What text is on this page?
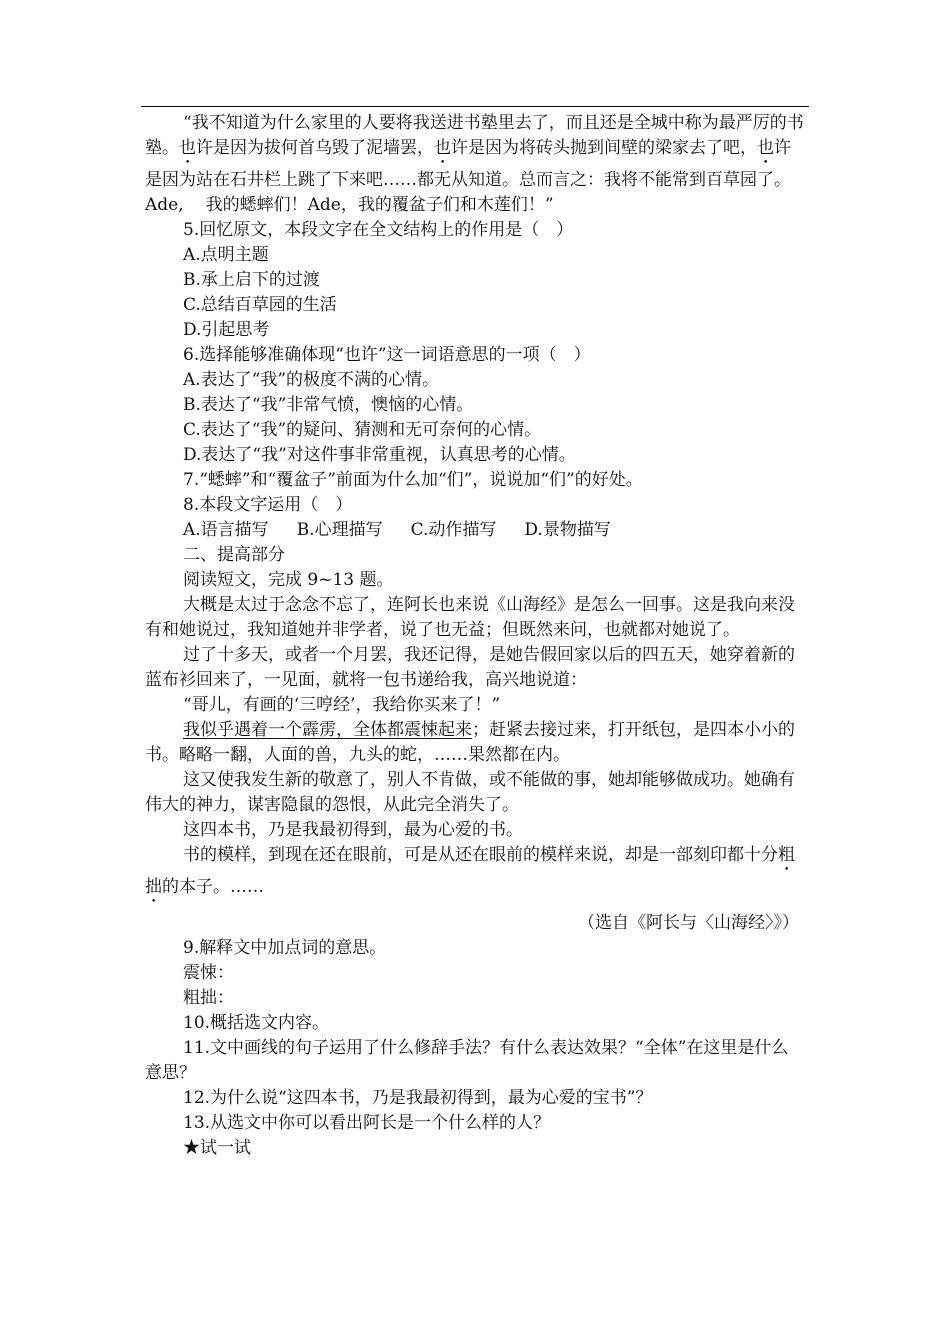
“我不知道为什么家里的人要将我送进书塾里去了，而且还是全城中称为最严厉的书塾。也许是因为拔何首乌毁了泥墙罢，也许是因为将砖头抛到间壁的梁家去了吧，也许是因为站在石井栏上跳了下来吧……都无从知道。总而言之：我将不能常到百草园了。Ade, 我的蟋蟀们！Ade，我的覆盆子们和木莲们！”

5.回忆原文，本段文字在全文结构上的作用是（　）

A.点明主题

B.承上启下的过渡

C.总结百草园的生活

D.引起思考

6.选择能够准确体现“也许”这一词语意思的一项（　）

A.表达了“我”的极度不满的心情。

B.表达了“我”非常气愤，懊恼的心情。

C.表达了“我”的疑问、猜测和无可奈何的心情。

D.表达了“我”对这件事非常重视，认真思考的心情。

7.“蟋蟀”和“覆盆子”前面为什么加“们”，说说加“们”的好处。

8.本段文字运用（　）

A.语言描写 B.心理描写 C.动作描写 D.景物描写

二、提高部分

阅读短文，完成 9~13 题。

大概是太过于念念不忘了，连阿长也来说《山海经》是怎么一回事。这是我向来没有和她说过，我知道她并非学者，说了也无益；但既然来问，也就都对她说了。

过了十多天，或者一个月罢，我还记得，是她告假回家以后的四五天，她穿着新的蓝布衫回来了，一见面，就将一包书递给我，高兴地说道：

“哥儿，有画的‘三哼经’，我给你买来了！”

我似乎遇着一个霹雳，全体都震悚起来；赶紧去接过来，打开纸包，是四本小小的书。略略一翻，人面的兽，九头的蛇，……果然都在内。

这又使我发生新的敬意了，别人不肯做，或不能做的事，她却能够做成功。她确有伟大的神力，谋害隐鼠的怨恨，从此完全消失了。

这四本书，乃是我最初得到，最为心爱的书。

书的模样，到现在还在眼前，可是从还在眼前的模样来说，却是一部刻印都十分粗拙的本子。……

（选自《阿长与〈山海经〉》）

9.解释文中加点词的意思。

震悚：

粗拙：

10.概括选文内容。

11.文中画线的句子运用了什么修辞手法？有什么表达效果？“全体”在这里是什么意思？

12.为什么说“这四本书，乃是我最初得到，最为心爱的宝书”？

13.从选文中你可以看出阿长是一个什么样的人？

★试一试
